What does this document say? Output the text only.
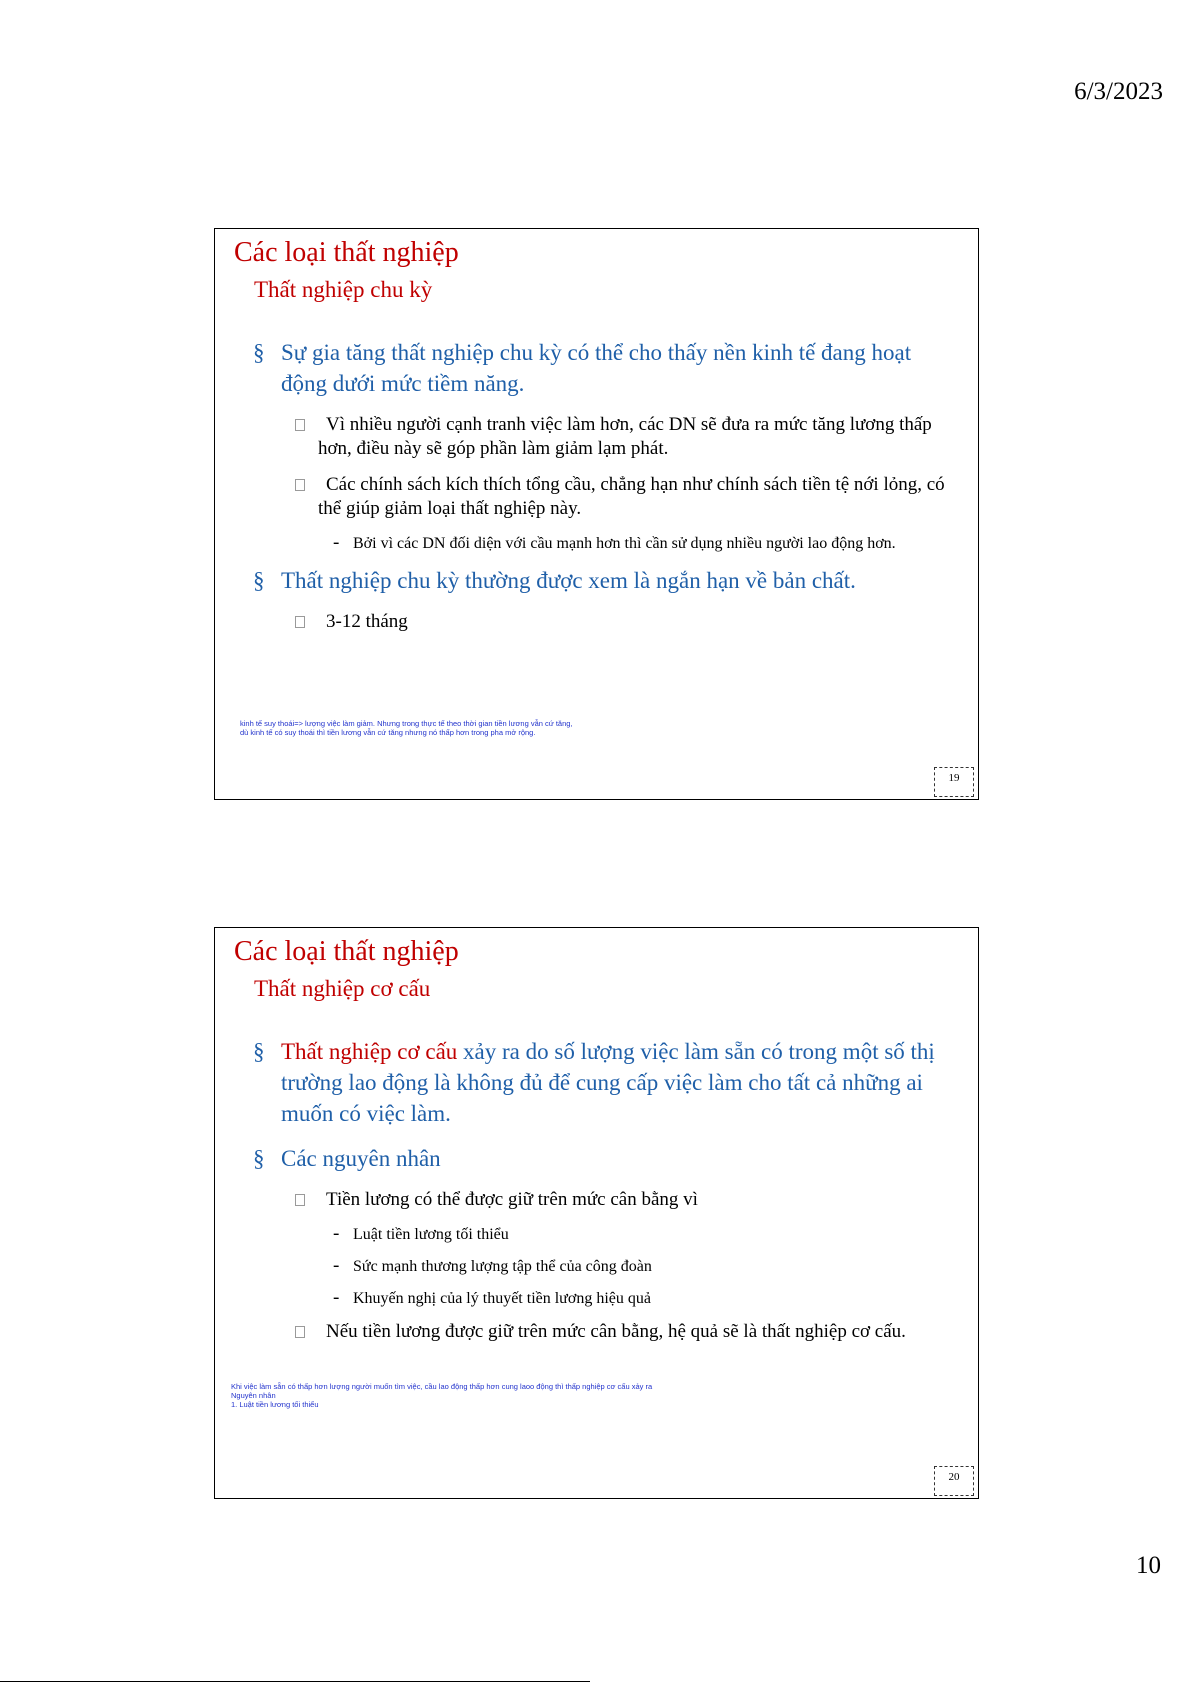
6/3/2023
Các loại thất nghiệp
Thất nghiệp chu kỳ
§ Sự gia tăng thất nghiệp chu kỳ có thể cho thấy nền kinh tế đang hoạt động dưới mức tiềm năng.
Vì nhiều người cạnh tranh việc làm hơn, các DN sẽ đưa ra mức tăng lương thấp hơn, điều này sẽ góp phần làm giảm lạm phát.
Các chính sách kích thích tổng cầu, chẳng hạn như chính sách tiền tệ nới lỏng, có thể giúp giảm loại thất nghiệp này.
- Bởi vì các DN đối diện với cầu mạnh hơn thì cần sử dụng nhiều người lao động hơn.
§ Thất nghiệp chu kỳ thường được xem là ngắn hạn về bản chất.
3-12 tháng
kinh tế suy thoái=> lượng việc làm giảm. Nhưng trong thực tế theo thời gian tiền lương vẫn cứ tăng,
dù kinh tế có suy thoái thì tiền lương vẫn cứ tăng nhưng nó thấp hơn trong pha mở rộng.
19
Các loại thất nghiệp
Thất nghiệp cơ cấu
§ Thất nghiệp cơ cấu xảy ra do số lượng việc làm sẵn có trong một số thị trường lao động là không đủ để cung cấp việc làm cho tất cả những ai muốn có việc làm.
§ Các nguyên nhân
Tiền lương có thể được giữ trên mức cân bằng vì
- Luật tiền lương tối thiểu
- Sức mạnh thương lượng tập thể của công đoàn
- Khuyến nghị của lý thuyết tiền lương hiệu quả
Nếu tiền lương được giữ trên mức cân bằng, hệ quả sẽ là thất nghiệp cơ cấu.
Khi việc làm sẵn có thấp hơn lượng người muốn tìm việc, cầu lao động thấp hơn cung laoo động thì thấp nghiệp cơ cấu xảy ra
Nguyên nhân
1. Luật tiền lương tối thiểu
20
10
